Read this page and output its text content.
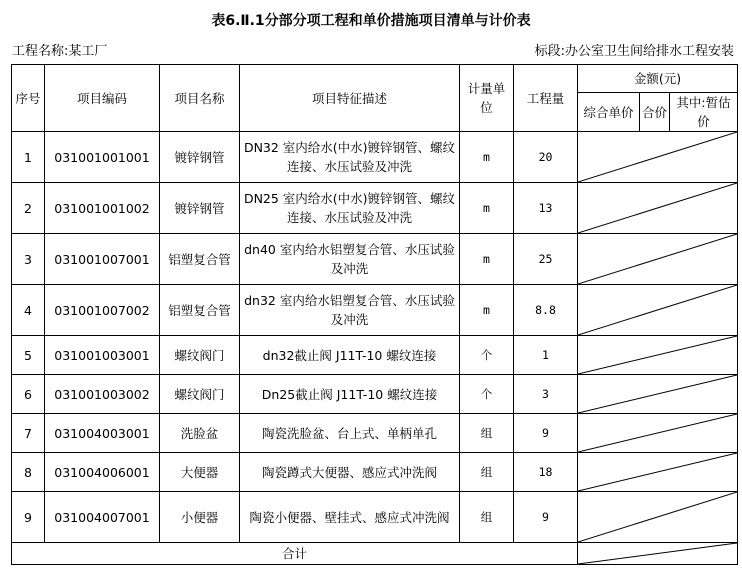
表6.Ⅱ.1分部分项工程和单价措施项目清单与计价表
工程名称:某工厂	标段:办公室卫生间给排水工程安装
序号	项目编码	项目名称	项目特征描述	计量单位	工程量	金额(元)		
						综合单价	合价	其中:暂估价
1	031001001001	镀锌钢管	DN32 室内给水(中水)镀锌钢管、螺纹连接、水压试验及冲洗	m	20	

2	031001001002	镀锌钢管	DN25 室内给水(中水)镀锌钢管、螺纹连接、水压试验及冲洗	m	13	

3	031001007001	铝塑复合管	dn40 室内给水铝塑复合管、水压试验及冲洗	m	25	

4	031001007002	铝塑复合管	dn32 室内给水铝塑复合管、水压试验及冲洗	m	8.8	

5	031001003001	螺纹阀门	dn32截止阀 J11T-10 螺纹连接	个	1	

6	031001003002	螺纹阀门	Dn25截止阀 J11T-10 螺纹连接	个	3	

7	031004003001	洗脸盆	陶瓷洗脸盆、台上式、单柄单孔	组	9	

8	031004006001	大便器	陶瓷蹲式大便器、感应式冲洗阀	组	18	

9	031004007001	小便器	陶瓷小便器、壁挂式、感应式冲洗阀	组	9	

合计	
